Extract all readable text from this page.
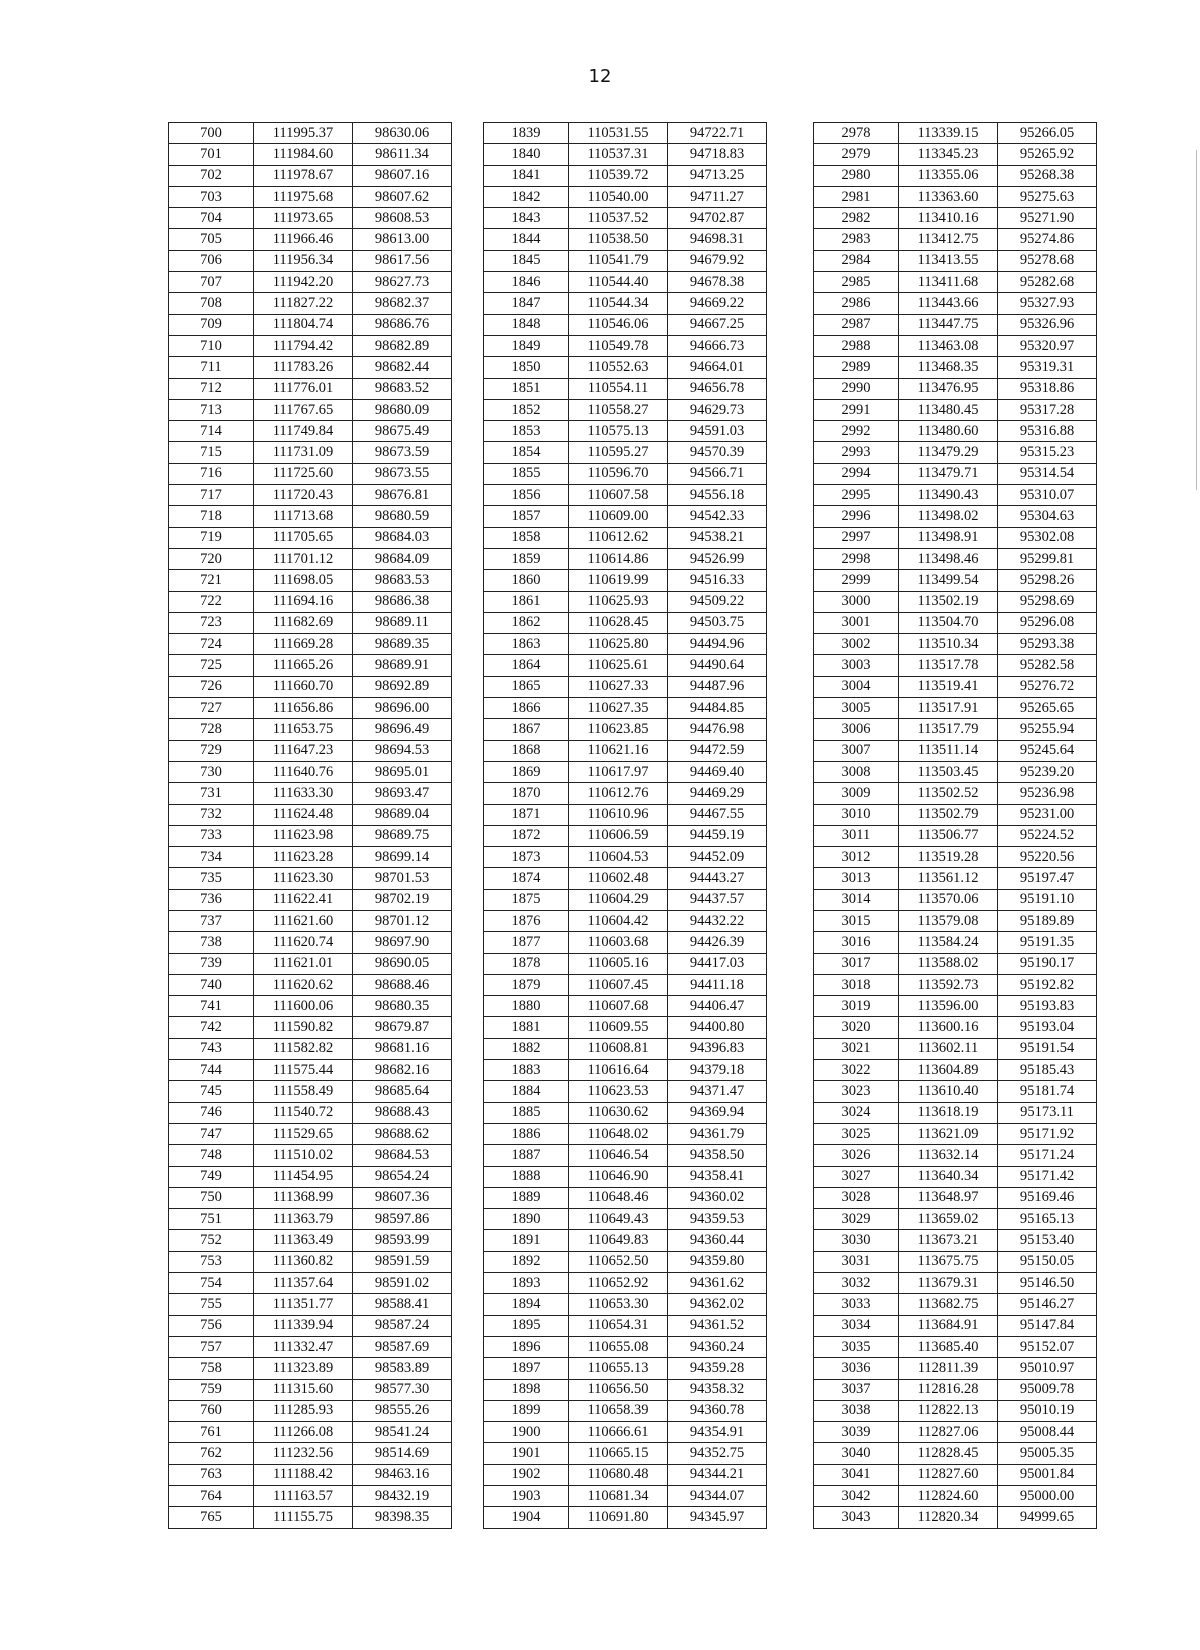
12
700	111995.37	98630.06
701	111984.60	98611.34
702	111978.67	98607.16
703	111975.68	98607.62
704	111973.65	98608.53
705	111966.46	98613.00
706	111956.34	98617.56
707	111942.20	98627.73
708	111827.22	98682.37
709	111804.74	98686.76
710	111794.42	98682.89
711	111783.26	98682.44
712	111776.01	98683.52
713	111767.65	98680.09
714	111749.84	98675.49
715	111731.09	98673.59
716	111725.60	98673.55
717	111720.43	98676.81
718	111713.68	98680.59
719	111705.65	98684.03
720	111701.12	98684.09
721	111698.05	98683.53
722	111694.16	98686.38
723	111682.69	98689.11
724	111669.28	98689.35
725	111665.26	98689.91
726	111660.70	98692.89
727	111656.86	98696.00
728	111653.75	98696.49
729	111647.23	98694.53
730	111640.76	98695.01
731	111633.30	98693.47
732	111624.48	98689.04
733	111623.98	98689.75
734	111623.28	98699.14
735	111623.30	98701.53
736	111622.41	98702.19
737	111621.60	98701.12
738	111620.74	98697.90
739	111621.01	98690.05
740	111620.62	98688.46
741	111600.06	98680.35
742	111590.82	98679.87
743	111582.82	98681.16
744	111575.44	98682.16
745	111558.49	98685.64
746	111540.72	98688.43
747	111529.65	98688.62
748	111510.02	98684.53
749	111454.95	98654.24
750	111368.99	98607.36
751	111363.79	98597.86
752	111363.49	98593.99
753	111360.82	98591.59
754	111357.64	98591.02
755	111351.77	98588.41
756	111339.94	98587.24
757	111332.47	98587.69
758	111323.89	98583.89
759	111315.60	98577.30
760	111285.93	98555.26
761	111266.08	98541.24
762	111232.56	98514.69
763	111188.42	98463.16
764	111163.57	98432.19
765	111155.75	98398.35
1839	110531.55	94722.71
1840	110537.31	94718.83
1841	110539.72	94713.25
1842	110540.00	94711.27
1843	110537.52	94702.87
1844	110538.50	94698.31
1845	110541.79	94679.92
1846	110544.40	94678.38
1847	110544.34	94669.22
1848	110546.06	94667.25
1849	110549.78	94666.73
1850	110552.63	94664.01
1851	110554.11	94656.78
1852	110558.27	94629.73
1853	110575.13	94591.03
1854	110595.27	94570.39
1855	110596.70	94566.71
1856	110607.58	94556.18
1857	110609.00	94542.33
1858	110612.62	94538.21
1859	110614.86	94526.99
1860	110619.99	94516.33
1861	110625.93	94509.22
1862	110628.45	94503.75
1863	110625.80	94494.96
1864	110625.61	94490.64
1865	110627.33	94487.96
1866	110627.35	94484.85
1867	110623.85	94476.98
1868	110621.16	94472.59
1869	110617.97	94469.40
1870	110612.76	94469.29
1871	110610.96	94467.55
1872	110606.59	94459.19
1873	110604.53	94452.09
1874	110602.48	94443.27
1875	110604.29	94437.57
1876	110604.42	94432.22
1877	110603.68	94426.39
1878	110605.16	94417.03
1879	110607.45	94411.18
1880	110607.68	94406.47
1881	110609.55	94400.80
1882	110608.81	94396.83
1883	110616.64	94379.18
1884	110623.53	94371.47
1885	110630.62	94369.94
1886	110648.02	94361.79
1887	110646.54	94358.50
1888	110646.90	94358.41
1889	110648.46	94360.02
1890	110649.43	94359.53
1891	110649.83	94360.44
1892	110652.50	94359.80
1893	110652.92	94361.62
1894	110653.30	94362.02
1895	110654.31	94361.52
1896	110655.08	94360.24
1897	110655.13	94359.28
1898	110656.50	94358.32
1899	110658.39	94360.78
1900	110666.61	94354.91
1901	110665.15	94352.75
1902	110680.48	94344.21
1903	110681.34	94344.07
1904	110691.80	94345.97
2978	113339.15	95266.05
2979	113345.23	95265.92
2980	113355.06	95268.38
2981	113363.60	95275.63
2982	113410.16	95271.90
2983	113412.75	95274.86
2984	113413.55	95278.68
2985	113411.68	95282.68
2986	113443.66	95327.93
2987	113447.75	95326.96
2988	113463.08	95320.97
2989	113468.35	95319.31
2990	113476.95	95318.86
2991	113480.45	95317.28
2992	113480.60	95316.88
2993	113479.29	95315.23
2994	113479.71	95314.54
2995	113490.43	95310.07
2996	113498.02	95304.63
2997	113498.91	95302.08
2998	113498.46	95299.81
2999	113499.54	95298.26
3000	113502.19	95298.69
3001	113504.70	95296.08
3002	113510.34	95293.38
3003	113517.78	95282.58
3004	113519.41	95276.72
3005	113517.91	95265.65
3006	113517.79	95255.94
3007	113511.14	95245.64
3008	113503.45	95239.20
3009	113502.52	95236.98
3010	113502.79	95231.00
3011	113506.77	95224.52
3012	113519.28	95220.56
3013	113561.12	95197.47
3014	113570.06	95191.10
3015	113579.08	95189.89
3016	113584.24	95191.35
3017	113588.02	95190.17
3018	113592.73	95192.82
3019	113596.00	95193.83
3020	113600.16	95193.04
3021	113602.11	95191.54
3022	113604.89	95185.43
3023	113610.40	95181.74
3024	113618.19	95173.11
3025	113621.09	95171.92
3026	113632.14	95171.24
3027	113640.34	95171.42
3028	113648.97	95169.46
3029	113659.02	95165.13
3030	113673.21	95153.40
3031	113675.75	95150.05
3032	113679.31	95146.50
3033	113682.75	95146.27
3034	113684.91	95147.84
3035	113685.40	95152.07
3036	112811.39	95010.97
3037	112816.28	95009.78
3038	112822.13	95010.19
3039	112827.06	95008.44
3040	112828.45	95005.35
3041	112827.60	95001.84
3042	112824.60	95000.00
3043	112820.34	94999.65
